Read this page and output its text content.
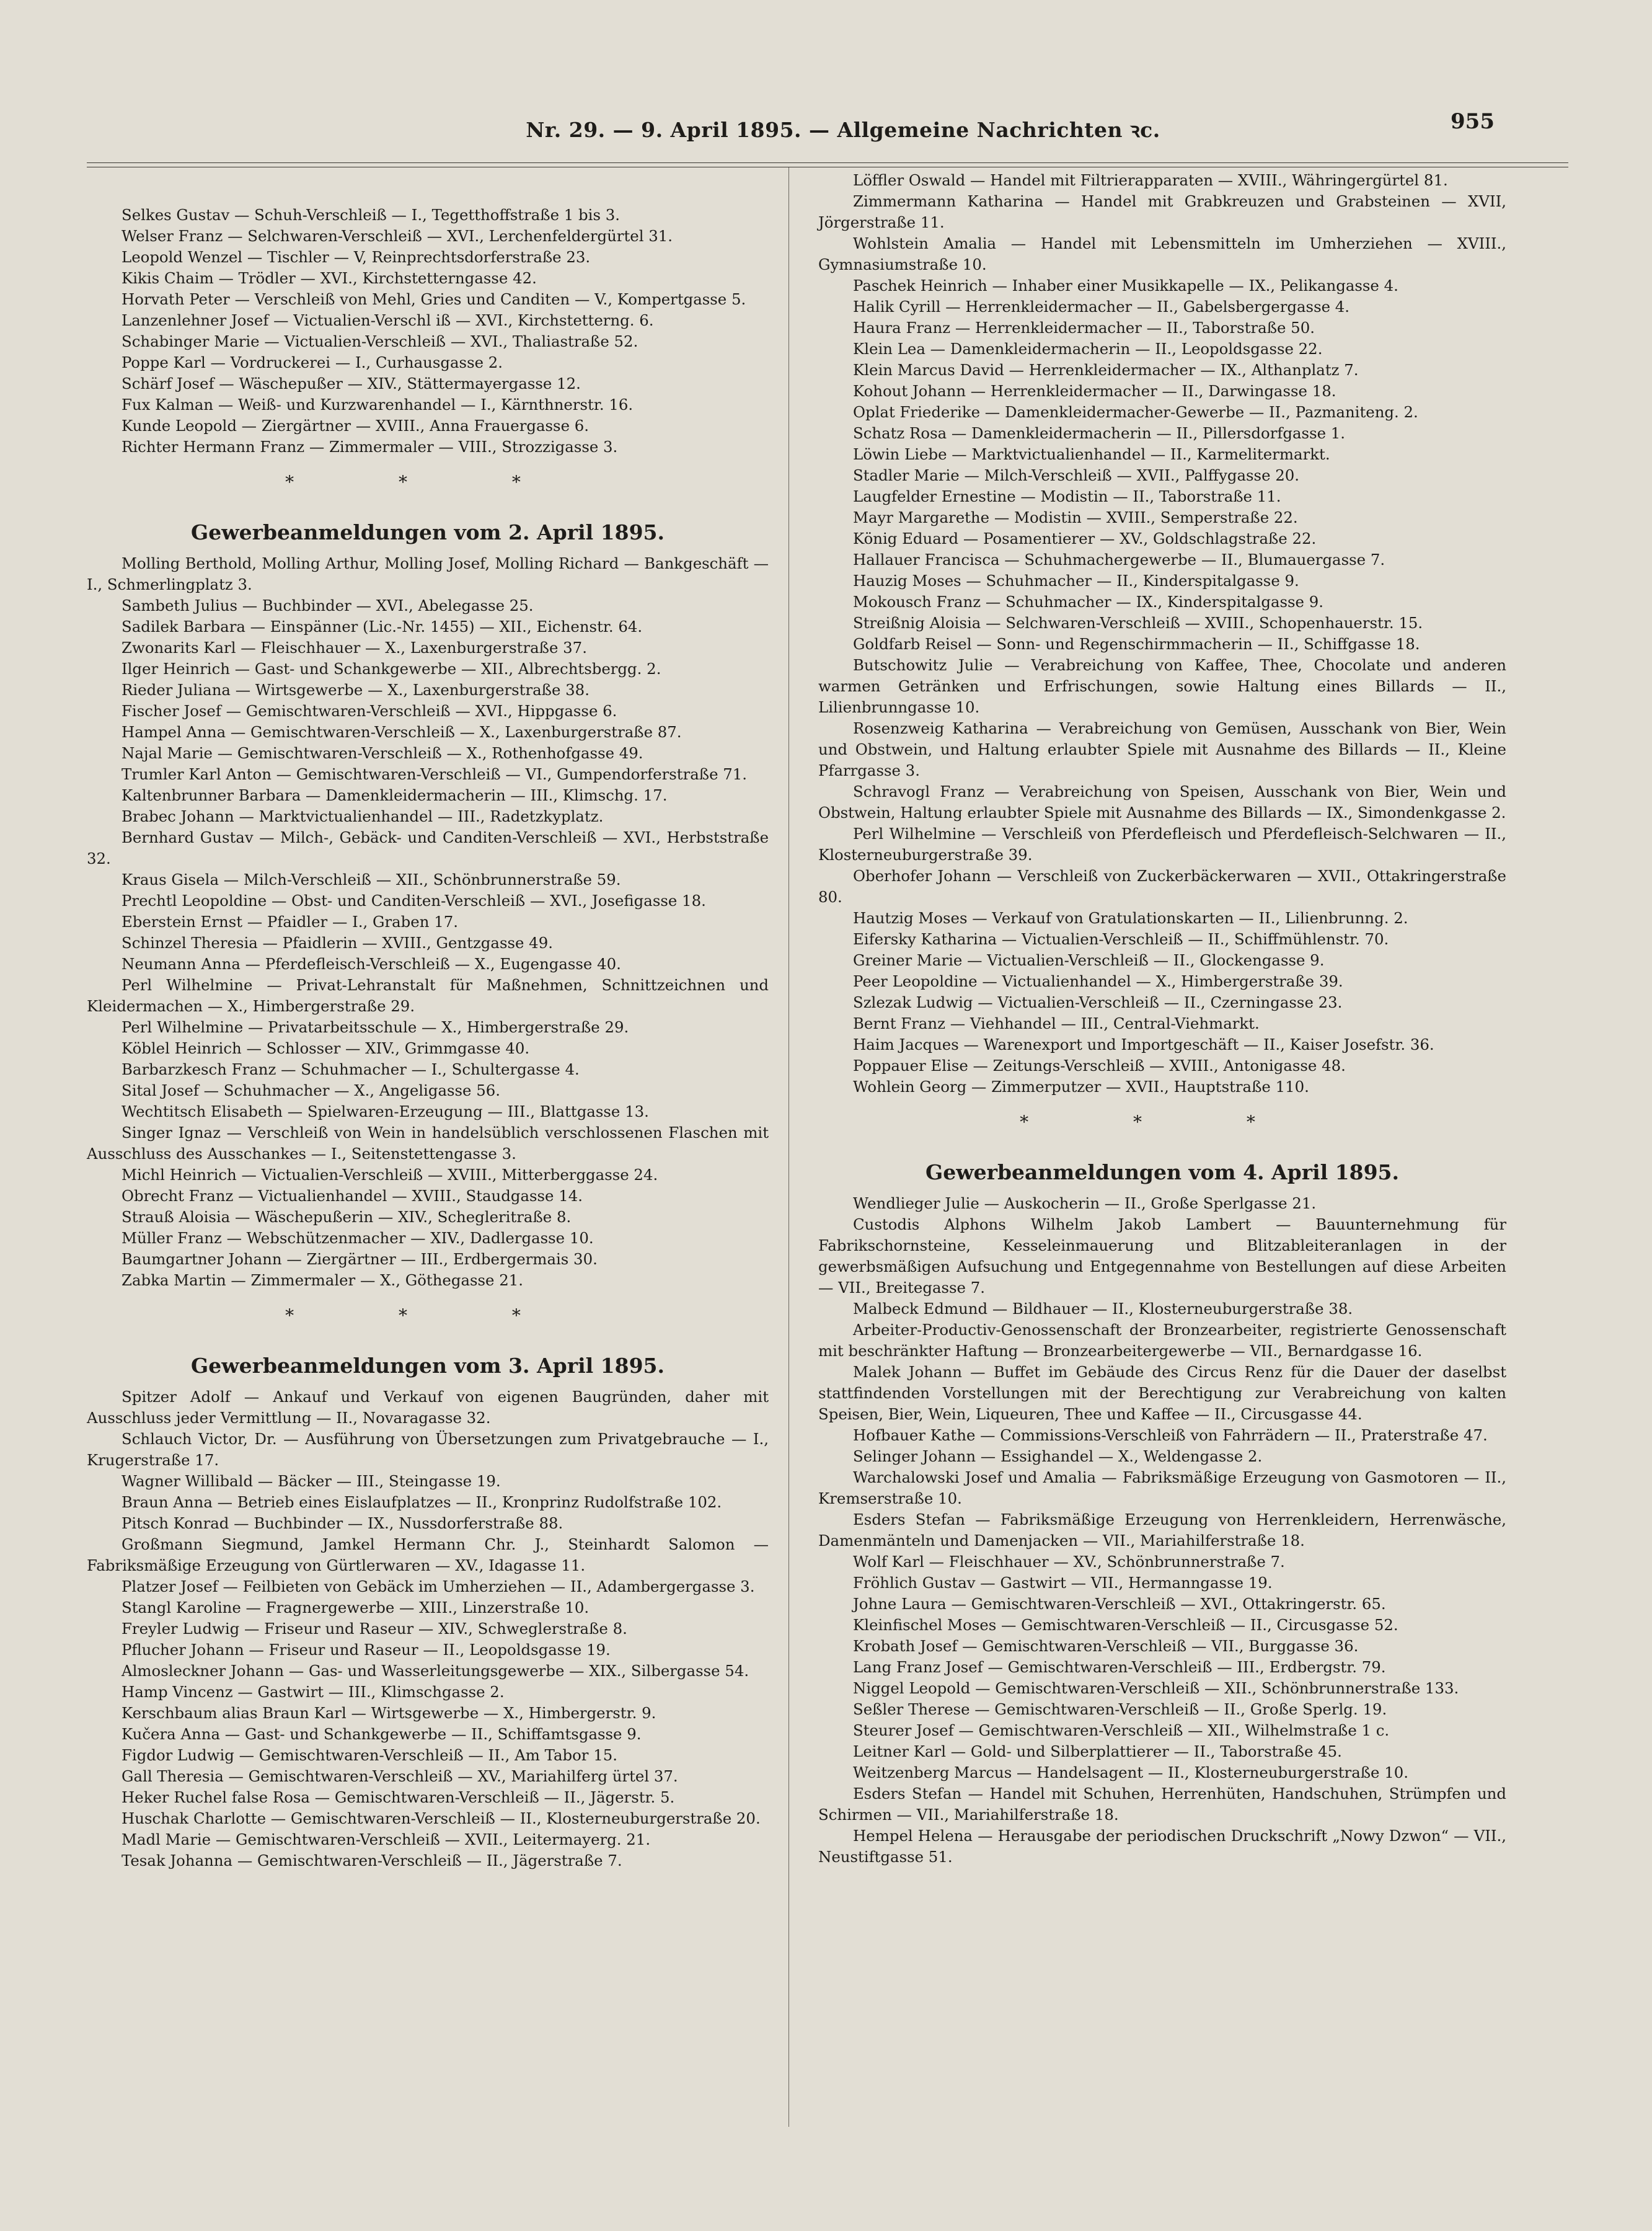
Nr. 29. — 9. April 1895. — Allgemeine Nachrichten ꝛc.	955

Selkes Gustav — Schuh-Verschleiß — I., Tegetthoffstraße 1 bis 3.

Welser Franz — Selchwaren-Verschleiß — XVI., Lerchenfeldergürtel 31.

Leopold Wenzel — Tischler — V, Reinprechtsdorferstraße 23.

Kikis Chaim — Trödler — XVI., Kirchstetterngasse 42.

Horvath Peter — Verschleiß von Mehl, Gries und Canditen — V., Kompertgasse 5.

Lanzenlehner Josef — Victualien-Verschl iß — XVI., Kirchstetterng. 6.

Schabinger Marie — Victualien-Verschleiß — XVI., Thaliastraße 52.

Poppe Karl — Vordruckerei — I., Curhausgasse 2.

Schärf Josef — Wäschepußer — XIV., Stättermayergasse 12.

Fux Kalman — Weiß- und Kurzwarenhandel — I., Kärnthnerstr. 16.

Kunde Leopold — Ziergärtner — XVIII., Anna Frauergasse 6.

Richter Hermann Franz — Zimmermaler — VIII., Strozzigasse 3.

* * *
Gewerbeanmeldungen vom 2. April 1895.

Molling Berthold, Molling Arthur, Molling Josef, Molling Richard — Bankgeschäft — I., Schmerlingplatz 3.

Sambeth Julius — Buchbinder — XVI., Abelegasse 25.

Sadilek Barbara — Einspänner (Lic.-Nr. 1455) — XII., Eichenstr. 64.

Zwonarits Karl — Fleischhauer — X., Laxenburgerstraße 37.

Ilger Heinrich — Gast- und Schankgewerbe — XII., Albrechtsbergg. 2.

Rieder Juliana — Wirtsgewerbe — X., Laxenburgerstraße 38.

Fischer Josef — Gemischtwaren-Verschleiß — XVI., Hippgasse 6.

Hampel Anna — Gemischtwaren-Verschleiß — X., Laxenburgerstraße 87.

Najal Marie — Gemischtwaren-Verschleiß — X., Rothenhofgasse 49.

Trumler Karl Anton — Gemischtwaren-Verschleiß — VI., Gumpendorferstraße 71.

Kaltenbrunner Barbara — Damenkleidermacherin — III., Klimschg. 17.

Brabec Johann — Marktvictualienhandel — III., Radetzkyplatz.

Bernhard Gustav — Milch-, Gebäck- und Canditen-Verschleiß — XVI., Herbststraße 32.

Kraus Gisela — Milch-Verschleiß — XII., Schönbrunnerstraße 59.

Prechtl Leopoldine — Obst- und Canditen-Verschleiß — XVI., Josefigasse 18.

Eberstein Ernst — Pfaidler — I., Graben 17.

Schinzel Theresia — Pfaidlerin — XVIII., Gentzgasse 49.

Neumann Anna — Pferdefleisch-Verschleiß — X., Eugengasse 40.

Perl Wilhelmine — Privat-Lehranstalt für Maßnehmen, Schnittzeichnen und Kleidermachen — X., Himbergerstraße 29.

Perl Wilhelmine — Privatarbeitsschule — X., Himbergerstraße 29.

Köblel Heinrich — Schlosser — XIV., Grimmgasse 40.

Barbarzkesch Franz — Schuhmacher — I., Schultergasse 4.

Sital Josef — Schuhmacher — X., Angeligasse 56.

Wechtitsch Elisabeth — Spielwaren-Erzeugung — III., Blattgasse 13.

Singer Ignaz — Verschleiß von Wein in handelsüblich verschlossenen Flaschen mit Ausschluss des Ausschankes — I., Seitenstettengasse 3.

Michl Heinrich — Victualien-Verschleiß — XVIII., Mitterberggasse 24.

Obrecht Franz — Victualienhandel — XVIII., Staudgasse 14.

Strauß Aloisia — Wäschepußerin — XIV., Schegleritraße 8.

Müller Franz — Webschützenmacher — XIV., Dadlergasse 10.

Baumgartner Johann — Ziergärtner — III., Erdbergermais 30.

Zabka Martin — Zimmermaler — X., Göthegasse 21.

* * *
Gewerbeanmeldungen vom 3. April 1895.

Spitzer Adolf — Ankauf und Verkauf von eigenen Baugründen, daher mit Ausschluss jeder Vermittlung — II., Novaragasse 32.

Schlauch Victor, Dr. — Ausführung von Übersetzungen zum Privatgebrauche — I., Krugerstraße 17.

Wagner Willibald — Bäcker — III., Steingasse 19.

Braun Anna — Betrieb eines Eislaufplatzes — II., Kronprinz Rudolfstraße 102.

Pitsch Konrad — Buchbinder — IX., Nussdorferstraße 88.

Großmann Siegmund, Jamkel Hermann Chr. J., Steinhardt Salomon — Fabriksmäßige Erzeugung von Gürtlerwaren — XV., Idagasse 11.

Platzer Josef — Feilbieten von Gebäck im Umherziehen — II., Adambergergasse 3.

Stangl Karoline — Fragnergewerbe — XIII., Linzerstraße 10.

Freyler Ludwig — Friseur und Raseur — XIV., Schweglerstraße 8.

Pflucher Johann — Friseur und Raseur — II., Leopoldsgasse 19.

Almosleckner Johann — Gas- und Wasserleitungsgewerbe — XIX., Silbergasse 54.

Hamp Vincenz — Gastwirt — III., Klimschgasse 2.

Kerschbaum alias Braun Karl — Wirtsgewerbe — X., Himbergerstr. 9.

Kučera Anna — Gast- und Schankgewerbe — II., Schiffamtsgasse 9.

Figdor Ludwig — Gemischtwaren-Verschleiß — II., Am Tabor 15.

Gall Theresia — Gemischtwaren-Verschleiß — XV., Mariahilferg ürtel 37.

Heker Ruchel false Rosa — Gemischtwaren-Verschleiß — II., Jägerstr. 5.

Huschak Charlotte — Gemischtwaren-Verschleiß — II., Klosterneuburgerstraße 20.

Madl Marie — Gemischtwaren-Verschleiß — XVII., Leitermayerg. 21.

Tesak Johanna — Gemischtwaren-Verschleiß — II., Jägerstraße 7.

Löffler Oswald — Handel mit Filtrierapparaten — XVIII., Währingergürtel 81.

Zimmermann Katharina — Handel mit Grabkreuzen und Grabsteinen — XVII, Jörgerstraße 11.

Wohlstein Amalia — Handel mit Lebensmitteln im Umherziehen — XVIII., Gymnasiumstraße 10.

Paschek Heinrich — Inhaber einer Musikkapelle — IX., Pelikangasse 4.

Halik Cyrill — Herrenkleidermacher — II., Gabelsbergergasse 4.

Haura Franz — Herrenkleidermacher — II., Taborstraße 50.

Klein Lea — Damenkleidermacherin — II., Leopoldsgasse 22.

Klein Marcus David — Herrenkleidermacher — IX., Althanplatz 7.

Kohout Johann — Herrenkleidermacher — II., Darwingasse 18.

Oplat Friederike — Damenkleidermacher-Gewerbe — II., Pazmaniteng. 2.

Schatz Rosa — Damenkleidermacherin — II., Pillersdorfgasse 1.

Löwin Liebe — Marktvictualienhandel — II., Karmelitermarkt.

Stadler Marie — Milch-Verschleiß — XVII., Palffygasse 20.

Laugfelder Ernestine — Modistin — II., Taborstraße 11.

Mayr Margarethe — Modistin — XVIII., Semperstraße 22.

König Eduard — Posamentierer — XV., Goldschlagstraße 22.

Hallauer Francisca — Schuhmachergewerbe — II., Blumauergasse 7.

Hauzig Moses — Schuhmacher — II., Kinderspitalgasse 9.

Mokousch Franz — Schuhmacher — IX., Kinderspitalgasse 9.

Streißnig Aloisia — Selchwaren-Verschleiß — XVIII., Schopenhauerstr. 15.

Goldfarb Reisel — Sonn- und Regenschirmmacherin — II., Schiffgasse 18.

Butschowitz Julie — Verabreichung von Kaffee, Thee, Chocolate und anderen warmen Getränken und Erfrischungen, sowie Haltung eines Billards — II., Lilienbrunngasse 10.

Rosenzweig Katharina — Verabreichung von Gemüsen, Ausschank von Bier, Wein und Obstwein, und Haltung erlaubter Spiele mit Ausnahme des Billards — II., Kleine Pfarrgasse 3.

Schravogl Franz — Verabreichung von Speisen, Ausschank von Bier, Wein und Obstwein, Haltung erlaubter Spiele mit Ausnahme des Billards — IX., Simondenkgasse 2.

Perl Wilhelmine — Verschleiß von Pferdefleisch und Pferdefleisch-Selchwaren — II., Klosterneuburgerstraße 39.

Oberhofer Johann — Verschleiß von Zuckerbäckerwaren — XVII., Ottakringerstraße 80.

Hautzig Moses — Verkauf von Gratulationskarten — II., Lilienbrunng. 2.

Eifersky Katharina — Victualien-Verschleiß — II., Schiffmühlenstr. 70.

Greiner Marie — Victualien-Verschleiß — II., Glockengasse 9.

Peer Leopoldine — Victualienhandel — X., Himbergerstraße 39.

Szlezak Ludwig — Victualien-Verschleiß — II., Czerningasse 23.

Bernt Franz — Viehhandel — III., Central-Viehmarkt.

Haim Jacques — Warenexport und Importgeschäft — II., Kaiser Josefstr. 36.

Poppauer Elise — Zeitungs-Verschleiß — XVIII., Antonigasse 48.

Wohlein Georg — Zimmerputzer — XVII., Hauptstraße 110.

* * *
Gewerbeanmeldungen vom 4. April 1895.

Wendlieger Julie — Auskocherin — II., Große Sperlgasse 21.

Custodis Alphons Wilhelm Jakob Lambert — Bauunternehmung für Fabrikschornsteine, Kesseleinmauerung und Blitzableiteranlagen in der gewerbsmäßigen Aufsuchung und Entgegennahme von Bestellungen auf diese Arbeiten — VII., Breitegasse 7.

Malbeck Edmund — Bildhauer — II., Klosterneuburgerstraße 38.

Arbeiter-Productiv-Genossenschaft der Bronzearbeiter, registrierte Genossenschaft mit beschränkter Haftung — Bronzearbeitergewerbe — VII., Bernardgasse 16.

Malek Johann — Buffet im Gebäude des Circus Renz für die Dauer der daselbst stattfindenden Vorstellungen mit der Berechtigung zur Verabreichung von kalten Speisen, Bier, Wein, Liqueuren, Thee und Kaffee — II., Circusgasse 44.

Hofbauer Kathe — Commissions-Verschleiß von Fahrrädern — II., Praterstraße 47.

Selinger Johann — Essighandel — X., Weldengasse 2.

Warchalowski Josef und Amalia — Fabriksmäßige Erzeugung von Gasmotoren — II., Kremserstraße 10.

Esders Stefan — Fabriksmäßige Erzeugung von Herrenkleidern, Herrenwäsche, Damenmänteln und Damenjacken — VII., Mariahilferstraße 18.

Wolf Karl — Fleischhauer — XV., Schönbrunnerstraße 7.

Fröhlich Gustav — Gastwirt — VII., Hermanngasse 19.

Johne Laura — Gemischtwaren-Verschleiß — XVI., Ottakringerstr. 65.

Kleinfischel Moses — Gemischtwaren-Verschleiß — II., Circusgasse 52.

Krobath Josef — Gemischtwaren-Verschleiß — VII., Burggasse 36.

Lang Franz Josef — Gemischtwaren-Verschleiß — III., Erdbergstr. 79.

Niggel Leopold — Gemischtwaren-Verschleiß — XII., Schönbrunnerstraße 133.

Seßler Therese — Gemischtwaren-Verschleiß — II., Große Sperlg. 19.

Steurer Josef — Gemischtwaren-Verschleiß — XII., Wilhelmstraße 1 c.

Leitner Karl — Gold- und Silberplattierer — II., Taborstraße 45.

Weitzenberg Marcus — Handelsagent — II., Klosterneuburgerstraße 10.

Esders Stefan — Handel mit Schuhen, Herrenhüten, Handschuhen, Strümpfen und Schirmen — VII., Mariahilferstraße 18.

Hempel Helena — Herausgabe der periodischen Druckschrift „Nowy Dzwon“ — VII., Neustiftgasse 51.
